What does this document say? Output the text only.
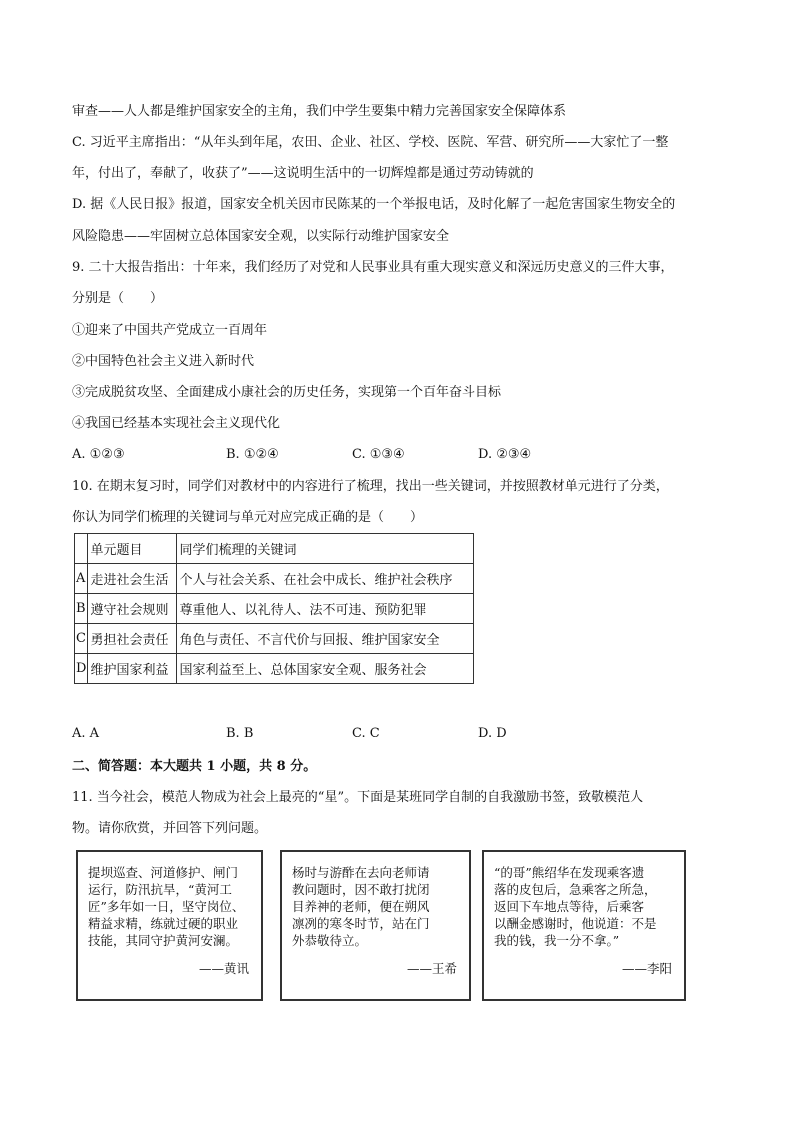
审查——人人都是维护国家安全的主角，我们中学生要集中精力完善国家安全保障体系
C. 习近平主席指出：“从年头到年尾，农田、企业、社区、学校、医院、军营、研究所——大家忙了一整
年，付出了，奉献了，收获了”——这说明生活中的一切辉煌都是通过劳动铸就的
D. 据《人民日报》报道，国家安全机关因市民陈某的一个举报电话，及时化解了一起危害国家生物安全的
风险隐患——牢固树立总体国家安全观，以实际行动维护国家安全
9. 二十大报告指出：十年来，我们经历了对党和人民事业具有重大现实意义和深远历史意义的三件大事，
分别是（　　）
①迎来了中国共产党成立一百周年
②中国特色社会主义进入新时代
③完成脱贫攻坚、全面建成小康社会的历史任务，实现第一个百年奋斗目标
④我国已经基本实现社会主义现代化
A. ①②③	B. ①②④	C. ①③④	D. ②③④
10. 在期末复习时，同学们对教材中的内容进行了梳理，找出一些关键词，并按照教材单元进行了分类，
你认为同学们梳理的关键词与单元对应完成正确的是（　　）
	单元题目	同学们梳理的关键词
A	走进社会生活	个人与社会关系、在社会中成长、维护社会秩序
B	遵守社会规则	尊重他人、以礼待人、法不可违、预防犯罪
C	勇担社会责任	角色与责任、不言代价与回报、维护国家安全
D	维护国家利益	国家利益至上、总体国家安全观、服务社会
A. A	B. B	C. C	D. D
二、简答题：本大题共 1 小题，共 8 分。
11. 当今社会，模范人物成为社会上最亮的“星”。下面是某班同学自制的自我激励书签，致敬模范人
物。请你欣赏，并回答下列问题。
提坝巡查、河道修护、闸门
运行，防汛抗旱，“黄河工
匠”多年如一日，坚守岗位、
精益求精，练就过硬的职业
技能，其同守护黄河安澜。
——黄讯
杨时与游酢在去向老师请
教问题时，因不敢打扰闭
目养神的老师，便在朔风
凛冽的寒冬时节，站在门
外恭敬待立。
——王希
“的哥”熊绍华在发现乘客遗
落的皮包后，急乘客之所急，
返回下车地点等待，后乘客
以酬金感谢时，他说道：不是
我的钱，我一分不拿。”
——李阳
